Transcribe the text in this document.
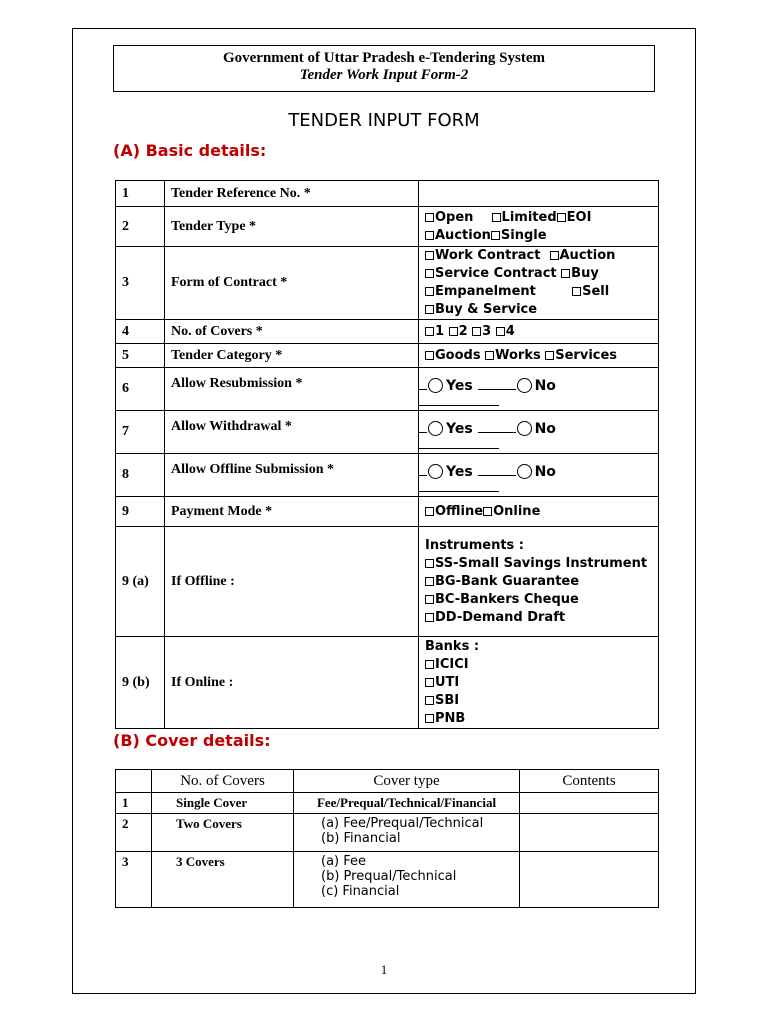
Government of Uttar Pradesh e-Tendering System
Tender Work Input Form-2
TENDER INPUT FORM
(A) Basic details:
1	Tender Reference No. *	
2	Tender Type *	Open Limited EOI
Auction Single
3	Form of Contract *	Work Contract Auction
Service Contract Buy
Empanelment Sell
Buy & Service
4	No. of Covers *	1 2 3 4
5	Tender Category *	Goods Works Services
6	Allow Resubmission *	Yes No
7	Allow Withdrawal *	Yes No
8	Allow Offline Submission *	Yes No
9	Payment Mode *	Offline Online
9 (a)	If Offline :	Instruments :
SS-Small Savings Instrument
BG-Bank Guarantee
BC-Bankers Cheque
DD-Demand Draft
9 (b)	If Online :	Banks :
ICICI
UTI
SBI
PNB
(B) Cover details:
	No. of Covers	Cover type	Contents
1	Single Cover	Fee/Prequal/Technical/Financial	
2	Two Covers	(a) Fee/Prequal/Technical
(b) Financial	

3	3 Covers	(a) Fee
(b) Prequal/Technical
(c) Financial	

1
